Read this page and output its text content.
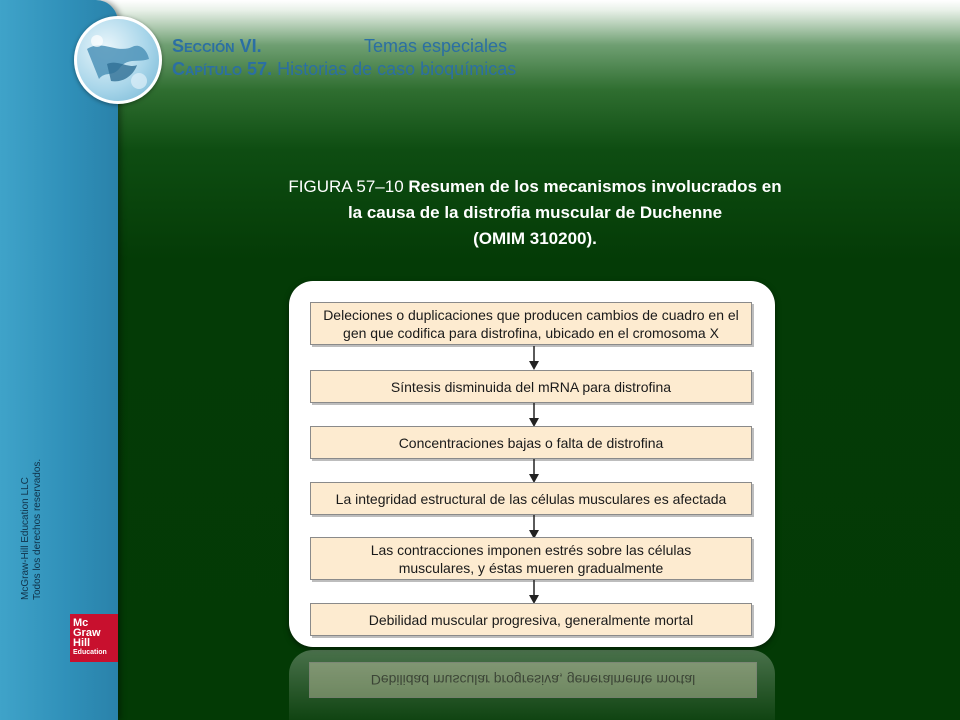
Sección VI.	Temas especiales
Capítulo 57. Historias de caso bioquímicas
FIGURA 57–10 Resumen de los mecanismos involucrados en
la causa de la distrofia muscular de Duchenne
(OMIM 310200).
McGraw-Hill Education LLC Todos los derechos reservados.
Mc
Graw
Hill
Education
Deleciones o duplicaciones que producen cambios de cuadro en el gen que codifica para distrofina, ubicado en el cromosoma X
Síntesis disminuida del mRNA para distrofina
Concentraciones bajas o falta de distrofina
La integridad estructural de las células musculares es afectada
Las contracciones imponen estrés sobre las células musculares, y éstas mueren gradualmente
Debilidad muscular progresiva, generalmente mortal
Debilidad muscular progresiva, generalmente mortal
